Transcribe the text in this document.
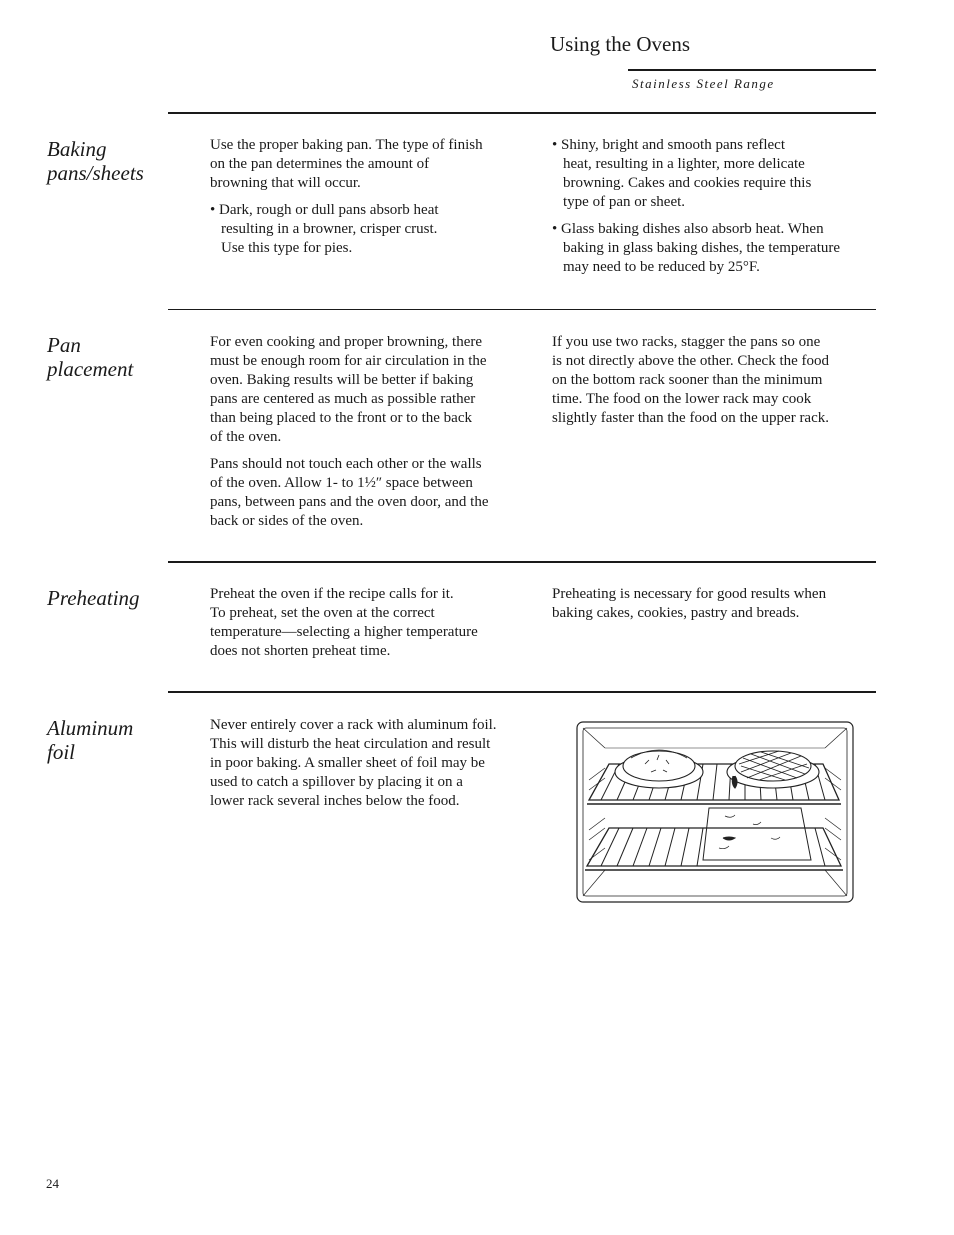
Using the Ovens
Stainless Steel Range
Baking
pans/sheets

Use the proper baking pan. The type of finish
on the pan determines the amount of
browning that will occur.

• Dark, rough or dull pans absorb heat
resulting in a browner, crisper crust.
Use this type for pies.

• Shiny, bright and smooth pans reflect
heat, resulting in a lighter, more delicate
browning. Cakes and cookies require this
type of pan or sheet.

• Glass baking dishes also absorb heat. When
baking in glass baking dishes, the temperature
may need to be reduced by 25°F.

Pan
placement

For even cooking and proper browning, there
must be enough room for air circulation in the
oven. Baking results will be better if baking
pans are centered as much as possible rather
than being placed to the front or to the back
of the oven.

Pans should not touch each other or the walls
of the oven. Allow 1- to 1½″ space between
pans, between pans and the oven door, and the
back or sides of the oven.

If you use two racks, stagger the pans so one
is not directly above the other. Check the food
on the bottom rack sooner than the minimum
time. The food on the lower rack may cook
slightly faster than the food on the upper rack.

Preheating	Preheat the oven if the recipe calls for it.
To preheat, set the oven at the correct
temperature—selecting a higher temperature
does not shorten preheat time.

Preheating is necessary for good results when
baking cakes, cookies, pastry and breads.

Aluminum
foil

Never entirely cover a rack with aluminum foil.
This will disturb the heat circulation and result
in poor baking. A smaller sheet of foil may be
used to catch a spillover by placing it on a
lower rack several inches below the food.

24
